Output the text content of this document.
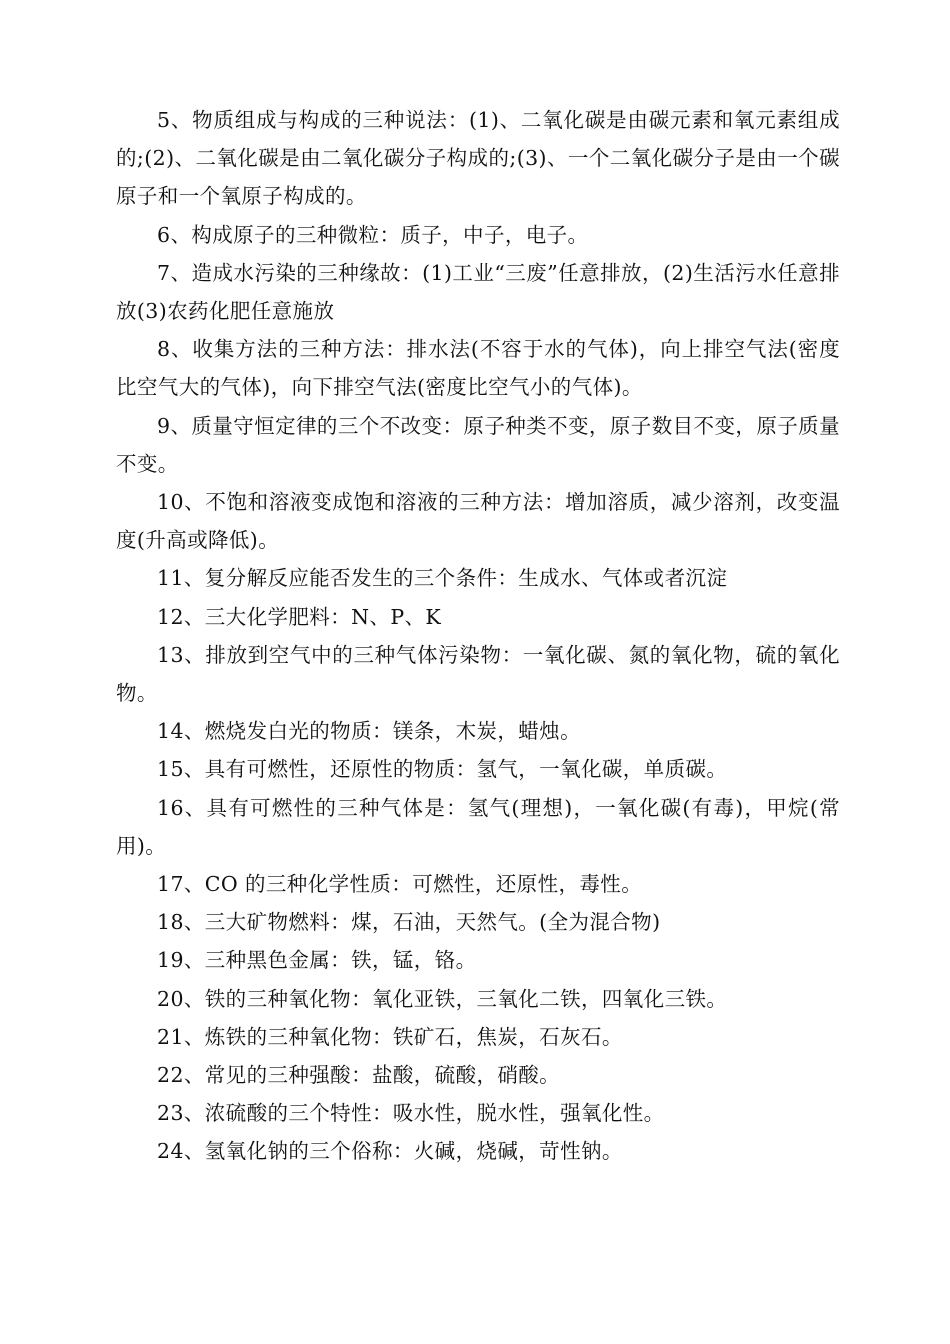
5、物质组成与构成的三种说法：(1)、二氧化碳是由碳元素和氧元素组成的;(2)、二氧化碳是由二氧化碳分子构成的;(3)、一个二氧化碳分子是由一个碳原子和一个氧原子构成的。

6、构成原子的三种微粒：质子，中子，电子。

7、造成水污染的三种缘故：(1)工业“三废”任意排放，(2)生活污水任意排放(3)农药化肥任意施放

8、收集方法的三种方法：排水法(不容于水的气体)，向上排空气法(密度比空气大的气体)，向下排空气法(密度比空气小的气体)。

9、质量守恒定律的三个不改变：原子种类不变，原子数目不变，原子质量不变。

10、不饱和溶液变成饱和溶液的三种方法：增加溶质，减少溶剂，改变温度(升高或降低)。

11、复分解反应能否发生的三个条件：生成水、气体或者沉淀

12、三大化学肥料：N、P、K

13、排放到空气中的三种气体污染物：一氧化碳、氮的氧化物，硫的氧化物。

14、燃烧发白光的物质：镁条，木炭，蜡烛。

15、具有可燃性，还原性的物质：氢气，一氧化碳，单质碳。

16、具有可燃性的三种气体是：氢气(理想)，一氧化碳(有毒)，甲烷(常用)。

17、CO 的三种化学性质：可燃性，还原性，毒性。

18、三大矿物燃料：煤，石油，天然气。(全为混合物)

19、三种黑色金属：铁，锰，铬。

20、铁的三种氧化物：氧化亚铁，三氧化二铁，四氧化三铁。

21、炼铁的三种氧化物：铁矿石，焦炭，石灰石。

22、常见的三种强酸：盐酸，硫酸，硝酸。

23、浓硫酸的三个特性：吸水性，脱水性，强氧化性。

24、氢氧化钠的三个俗称：火碱，烧碱，苛性钠。
